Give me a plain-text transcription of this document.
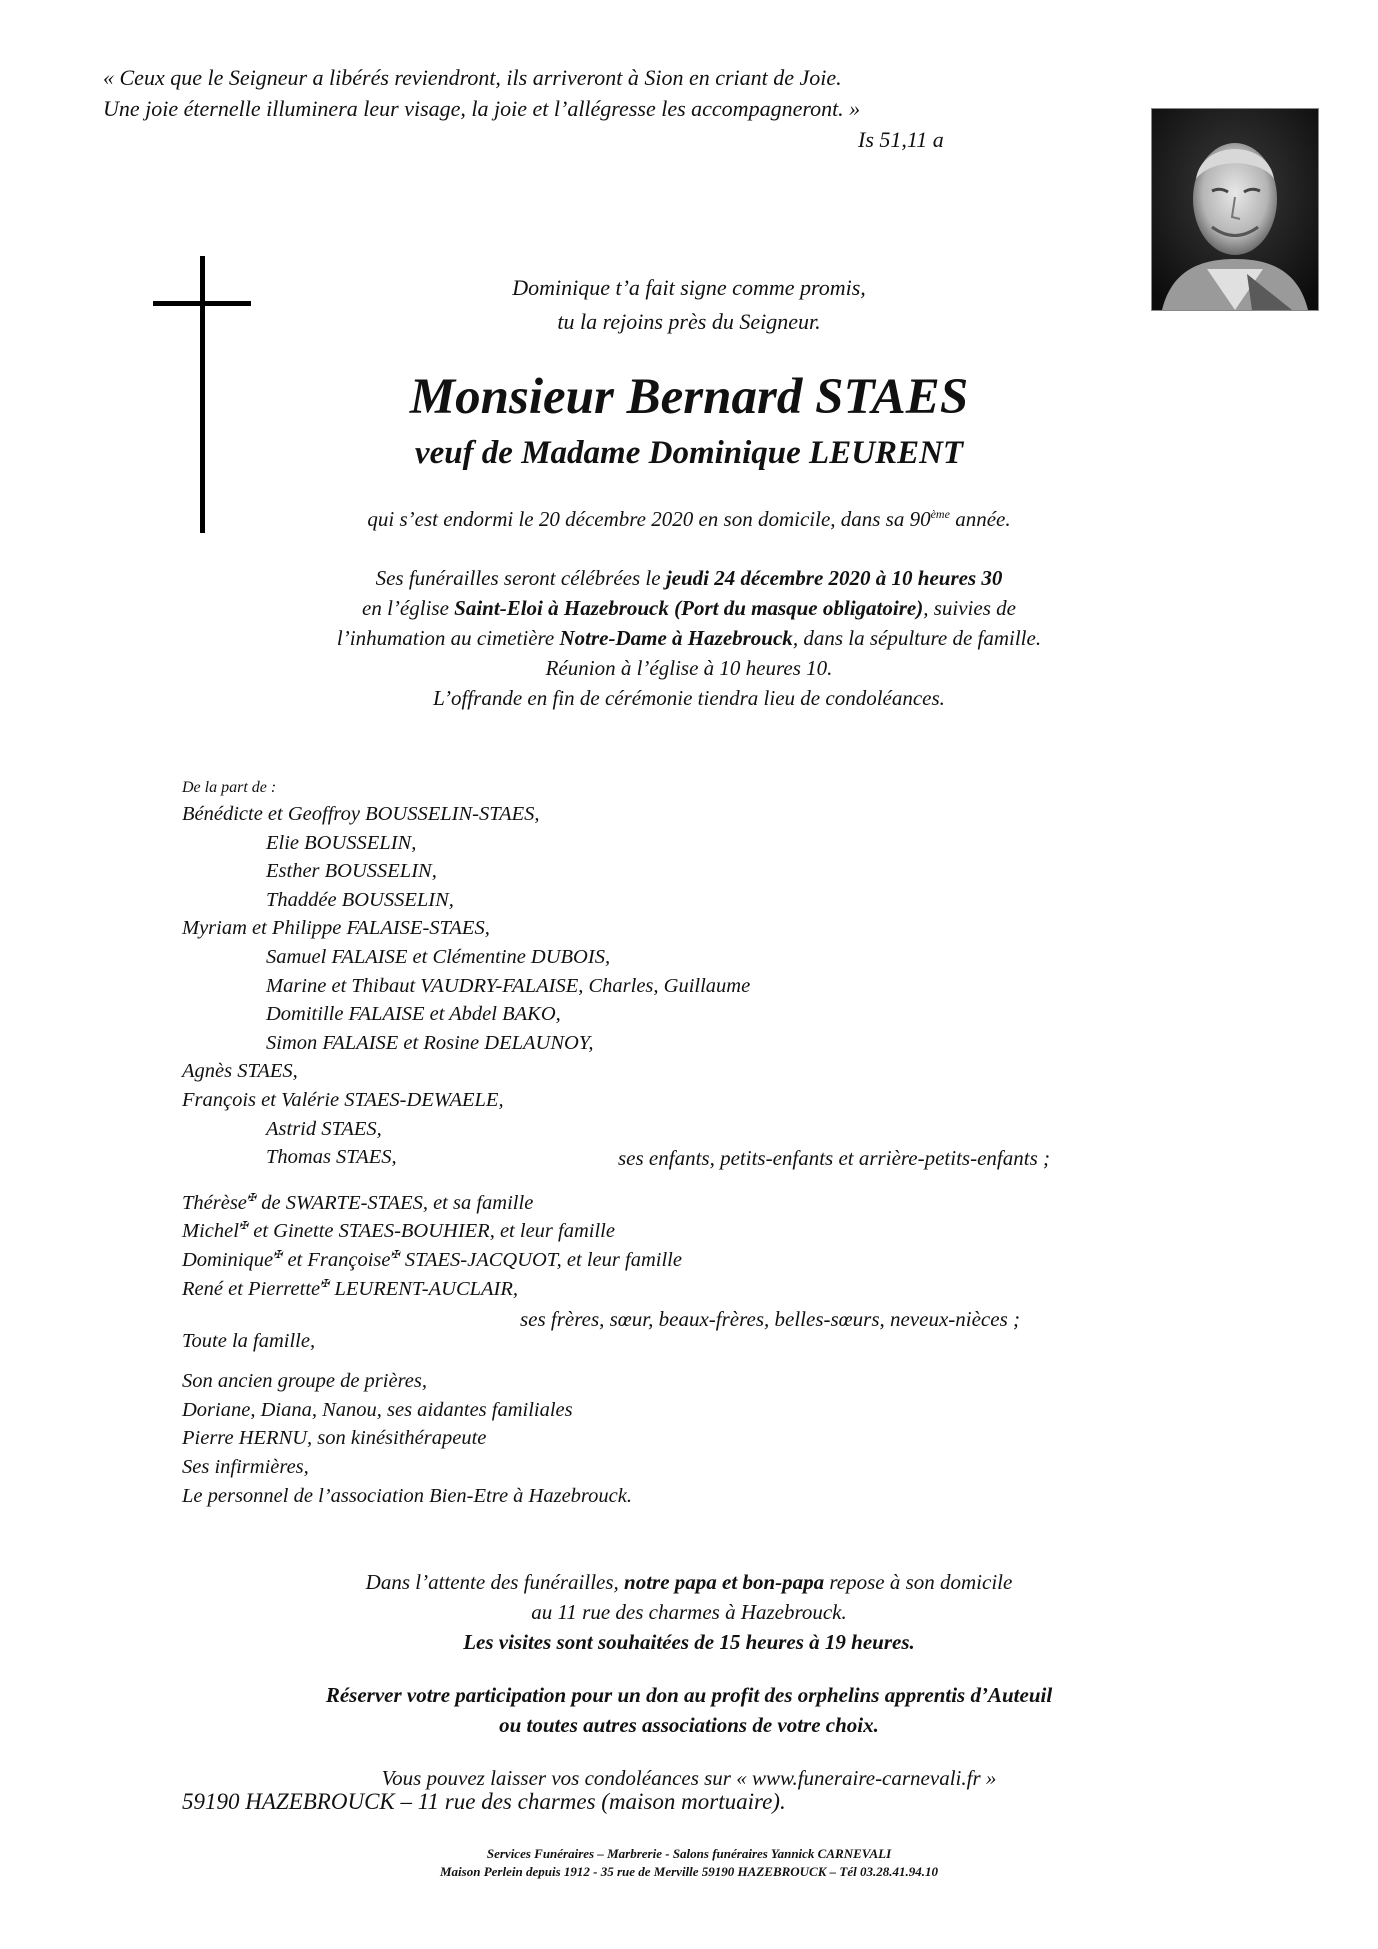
« Ceux que le Seigneur a libérés reviendront, ils arriveront à Sion en criant de Joie.
Une joie éternelle illuminera leur visage, la joie et l’allégresse les accompagneront. »
Is 51,11 a
Dominique t’a fait signe comme promis,
tu la rejoins près du Seigneur.
Monsieur Bernard STAES
veuf de Madame Dominique LEURENT
qui s’est endormi le 20 décembre 2020 en son domicile, dans sa 90ème année.
Ses funérailles seront célébrées le jeudi 24 décembre 2020 à 10 heures 30
en l’église Saint-Eloi à Hazebrouck (Port du masque obligatoire), suivies de
l’inhumation au cimetière Notre-Dame à Hazebrouck, dans la sépulture de famille.
Réunion à l’église à 10 heures 10.
L’offrande en fin de cérémonie tiendra lieu de condoléances.
De la part de :
Bénédicte et Geoffroy BOUSSELIN-STAES,
Elie BOUSSELIN,
Esther BOUSSELIN,
Thaddée BOUSSELIN,
Myriam et Philippe FALAISE-STAES,
Samuel FALAISE et Clémentine DUBOIS,
Marine et Thibaut VAUDRY-FALAISE, Charles, Guillaume
Domitille FALAISE et Abdel BAKO,
Simon FALAISE et Rosine DELAUNOY,
Agnès STAES,
François et Valérie STAES-DEWAELE,
Astrid STAES,
Thomas STAES,
Thérèse✠ de SWARTE-STAES, et sa famille
Michel✠ et Ginette STAES-BOUHIER, et leur famille
Dominique✠ et Françoise✠ STAES-JACQUOT, et leur famille
René et Pierrette✠ LEURENT-AUCLAIR,
Toute la famille,
Son ancien groupe de prières,
Doriane, Diana, Nanou, ses aidantes familiales
Pierre HERNU, son kinésithérapeute
Ses infirmières,
Le personnel de l’association Bien-Etre à Hazebrouck.
ses enfants, petits-enfants et arrière-petits-enfants ;
ses frères, sœur, beaux-frères, belles-sœurs, neveux-nièces ;
Dans l’attente des funérailles, notre papa et bon-papa repose à son domicile
au 11 rue des charmes à Hazebrouck.
Les visites sont souhaitées de 15 heures à 19 heures.
Réserver votre participation pour un don au profit des orphelins apprentis d’Auteuil
ou toutes autres associations de votre choix.
Vous pouvez laisser vos condoléances sur « www.funeraire-carnevali.fr »
59190 HAZEBROUCK – 11 rue des charmes (maison mortuaire).
Services Funéraires – Marbrerie - Salons funéraires Yannick CARNEVALI
Maison Perlein depuis 1912 - 35 rue de Merville 59190 HAZEBROUCK – Tél 03.28.41.94.10
